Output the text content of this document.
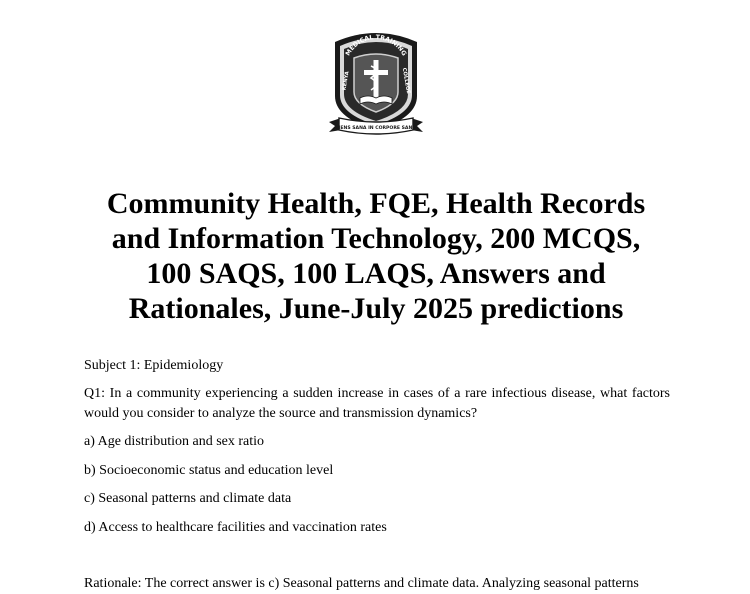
MEDICAL TRAINING
KENYA	COLLEGE
MENS SANA IN CORPORE SANO
Community Health, FQE, Health Records
and Information Technology, 200 MCQS,
100 SAQS, 100 LAQS, Answers and
Rationales, June-July 2025 predictions

Subject 1: Epidemiology

Q1: In a community experiencing a sudden increase in cases of a rare infectious disease, what factors would you consider to analyze the source and transmission dynamics?

a) Age distribution and sex ratio

b) Socioeconomic status and education level

c) Seasonal patterns and climate data

d) Access to healthcare facilities and vaccination rates

Rationale: The correct answer is c) Seasonal patterns and climate data. Analyzing seasonal patterns
